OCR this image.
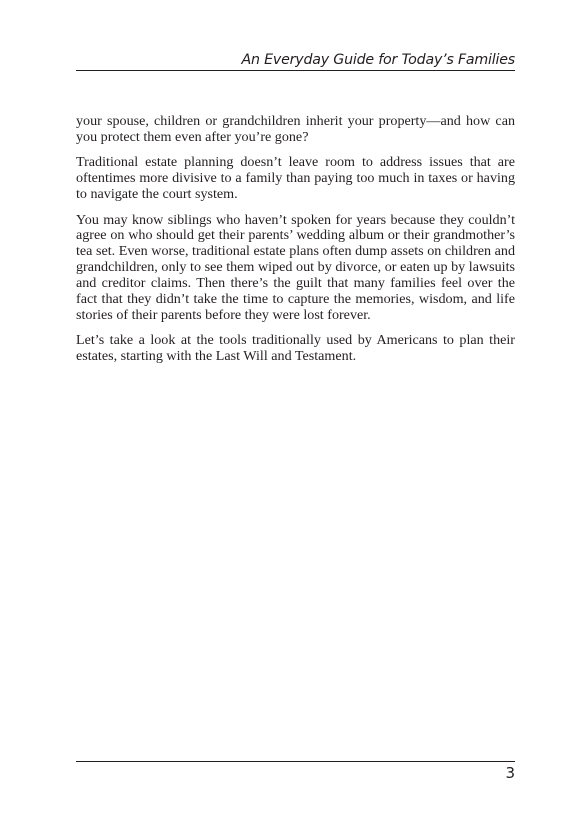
An Everyday Guide for Today’s Families

your spouse, children or grandchildren inherit your property—and how can you protect them even after you’re gone?

Traditional estate planning doesn’t leave room to address issues that are oftentimes more divisive to a family than paying too much in taxes or having to navigate the court system.

You may know siblings who haven’t spoken for years because they couldn’t agree on who should get their parents’ wedding album or their grandmother’s tea set. Even worse, traditional estate plans often dump assets on children and grandchildren, only to see them wiped out by divorce, or eaten up by lawsuits and creditor claims. Then there’s the guilt that many families feel over the fact that they didn’t take the time to capture the memories, wisdom, and life stories of their parents before they were lost forever.

Let’s take a look at the tools traditionally used by Americans to plan their estates, starting with the Last Will and Testament.

3
